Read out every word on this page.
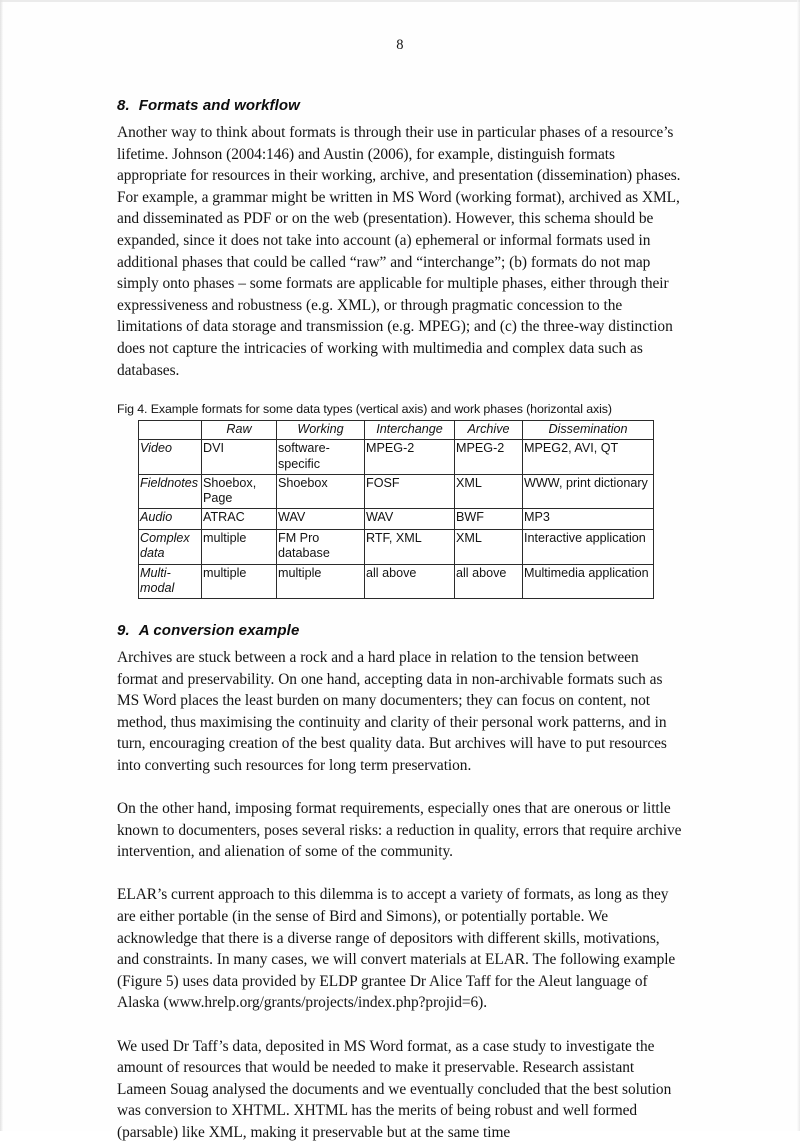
8
8. Formats and workflow

Another way to think about formats is through their use in particular phases of a resource’s lifetime. Johnson (2004:146) and Austin (2006), for example, distinguish formats appropriate for resources in their working, archive, and presentation (dissemination) phases. For example, a grammar might be written in MS Word (working format), archived as XML, and disseminated as PDF or on the web (presentation). However, this schema should be expanded, since it does not take into account (a) ephemeral or informal formats used in additional phases that could be called “raw” and “interchange”; (b) formats do not map simply onto phases – some formats are applicable for multiple phases, either through their expressiveness and robustness (e.g. XML), or through pragmatic concession to the limitations of data storage and transmission (e.g. MPEG); and (c) the three-way distinction does not capture the intricacies of working with multimedia and complex data such as databases.

Fig 4. Example formats for some data types (vertical axis) and work phases (horizontal axis)
	Raw	Working	Interchange	Archive	Dissemination
Video	DVI	software-specific	MPEG-2	MPEG-2	MPEG2, AVI, QT
Fieldnotes	Shoebox, Page	Shoebox	FOSF	XML	WWW, print dictionary
Audio	ATRAC	WAV	WAV	BWF	MP3
Complex data	multiple	FM Pro database	RTF, XML	XML	Interactive application
Multi-modal	multiple	multiple	all above	all above	Multimedia application
9. A conversion example

Archives are stuck between a rock and a hard place in relation to the tension between format and preservability. On one hand, accepting data in non-archivable formats such as MS Word places the least burden on many documenters; they can focus on content, not method, thus maximising the continuity and clarity of their personal work patterns, and in turn, encouraging creation of the best quality data. But archives will have to put resources into converting such resources for long term preservation.

On the other hand, imposing format requirements, especially ones that are onerous or little known to documenters, poses several risks: a reduction in quality, errors that require archive intervention, and alienation of some of the community.

ELAR’s current approach to this dilemma is to accept a variety of formats, as long as they are either portable (in the sense of Bird and Simons), or potentially portable. We acknowledge that there is a diverse range of depositors with different skills, motivations, and constraints. In many cases, we will convert materials at ELAR. The following example (Figure 5) uses data provided by ELDP grantee Dr Alice Taff for the Aleut language of Alaska (www.hrelp.org/grants/projects/index.php?projid=6).

We used Dr Taff’s data, deposited in MS Word format, as a case study to investigate the amount of resources that would be needed to make it preservable. Research assistant Lameen Souag analysed the documents and we eventually concluded that the best solution was conversion to XHTML. XHTML has the merits of being robust and well formed (parsable) like XML, making it preservable but at the same time
